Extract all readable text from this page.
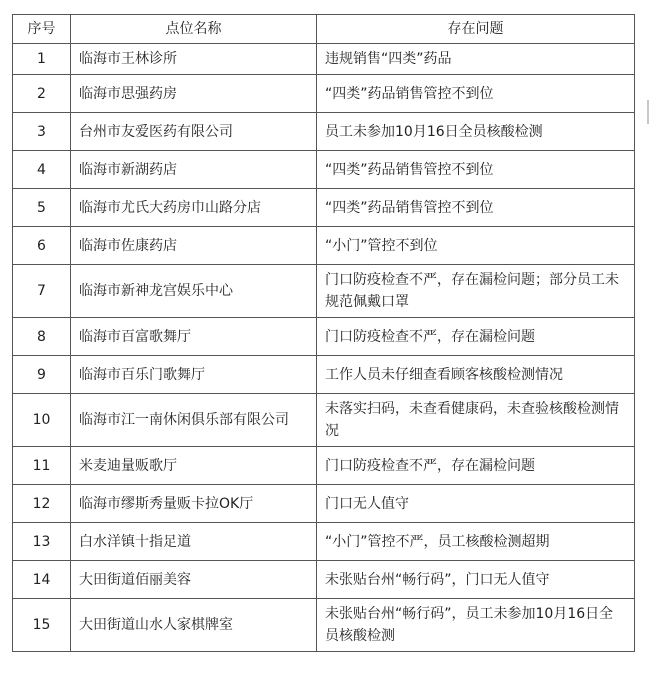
序号	点位名称	存在问题
1	临海市王林诊所	违规销售“四类”药品
2	临海市思强药房	“四类”药品销售管控不到位
3	台州市友爱医药有限公司	员工未参加10月16日全员核酸检测
4	临海市新湖药店	“四类”药品销售管控不到位
5	临海市尤氏大药房巾山路分店	“四类”药品销售管控不到位
6	临海市佐康药店	“小门”管控不到位
7	临海市新神龙宫娱乐中心	门口防疫检查不严，存在漏检问题；部分员工未规范佩戴口罩
8	临海市百富歌舞厅	门口防疫检查不严，存在漏检问题
9	临海市百乐门歌舞厅	工作人员未仔细查看顾客核酸检测情况
10	临海市江一南休闲俱乐部有限公司	未落实扫码，未查看健康码，未查验核酸检测情况
11	米麦迪量贩歌厅	门口防疫检查不严，存在漏检问题
12	临海市缪斯秀量贩卡拉OK厅	门口无人值守
13	白水洋镇十指足道	“小门”管控不严，员工核酸检测超期
14	大田街道佰丽美容	未张贴台州“畅行码”，门口无人值守
15	大田街道山水人家棋牌室	未张贴台州“畅行码”，员工未参加10月16日全员核酸检测
